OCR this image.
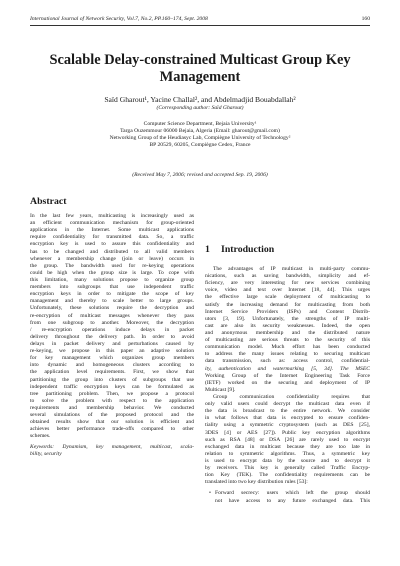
International Journal of Network Security, Vol.7, No.2, PP.160–174, Sept. 2008	160
Scalable Delay-constrained Multicast Group Key
Management
Saïd Gharout¹, Yacine Challal², and Abdelmadjid Bouabdallah²
(Corresponding author: Saïd Gharout)
Computer Science Department, Bejaia University¹
Targa Ouzemmour 06000 Bejaia, Algeria (Email: gharout@gmail.com)
Networking Group of the Heudiasyc Lab, Compiègne University of Technology²
BP 20529, 60205, Compiègne Cedex, France
(Received May 7, 2006; revised and accepted Sep. 19, 2006)
Abstract
In the last few years, multicasting is increasingly used as
an efficient communication mechanism for group-oriented
applications in the Internet. Some multicast applications
require confidentiality for transmitted data. So, a traffic
encryption key is used to assure this confidentiality and
has to be changed and distributed to all valid members
whenever a membership change (join or leave) occurs in
the group. The bandwidth used for re-keying operations
could be high when the group size is large. To cope with
this limitation, many solutions propose to organize group
members into subgroups that use independent traffic
encryption keys in order to mitigate the scope of key
management and thereby to scale better to large groups.
Unfortunately, these solutions require the decryption and
re-encryption of multicast messages whenever they pass
from one subgroup to another. Moreover, the decryption
/ re-encryption operations induce delays in packet
delivery throughout the delivery path. In order to avoid
delays in packet delivery and perturbations caused by
re-keying, we propose in this paper an adaptive solution
for key management which organizes group members
into dynamic and homogeneous clusters according to
the application level requirements. First, we show that
partitioning the group into clusters of subgroups that use
independent traffic encryption keys can be formulated as
tree partitioning problem. Then, we propose a protocol
to solve the problem with respect to the application
requirements and membership behavior. We conducted
several simulations of the proposed protocol and the
obtained results show that our solution is efficient and
achieves better performance trade-offs compared to other
schemes.
Keywords: Dynamism, key management, multicast, scala-
bility, security
1 Introduction
The advantages of IP multicast in multi-party commu-
nications, such as saving bandwidth, simplicity and ef-
ficiency, are very interesting for new services combining
voice, video and text over Internet [18, 44]. This urges
the effective large scale deployment of multicasting to
satisfy the increasing demand for multicasting from both
Internet Service Providers (ISPs) and Content Distrib-
utors [3, 19]. Unfortunately, the strengths of IP multi-
cast are also its security weaknesses. Indeed, the open
and anonymous membership and the distributed nature
of multicasting are serious threats to the security of this
communication model. Much effort has been conducted
to address the many issues relating to securing multicast
data transmission, such as: access control, confidential-
ity, authentication and watermarking [5, 34]. The MSEC
Working Group of the Internet Engineering Task Force
(IETF) worked on the securing and deployment of IP
Multicast [9].
Group communication confidentiality requires that
only valid users could decrypt the multicast data even if
the data is broadcast to the entire network. We consider
in what follows that data is encrypted to ensure confiden-
tiality using a symmetric cryptosystem (such as DES [25],
3DES [4] or AES [27]). Public key encryption algorithms
such as RSA [48] or DSA [26] are rarely used to encrypt
exchanged data in multicast because they are too late in
relation to symmetric algorithms. Thus, a symmetric key
is used to encrypt data by the source and to decrypt it
by receivers. This key is generally called Traffic Encryp-
tion Key (TEK). The confidentiality requirements can be
translated into two key distribution rules [53]:
• Forward secrecy: users which left the group should
not have access to any future exchanged data. This
